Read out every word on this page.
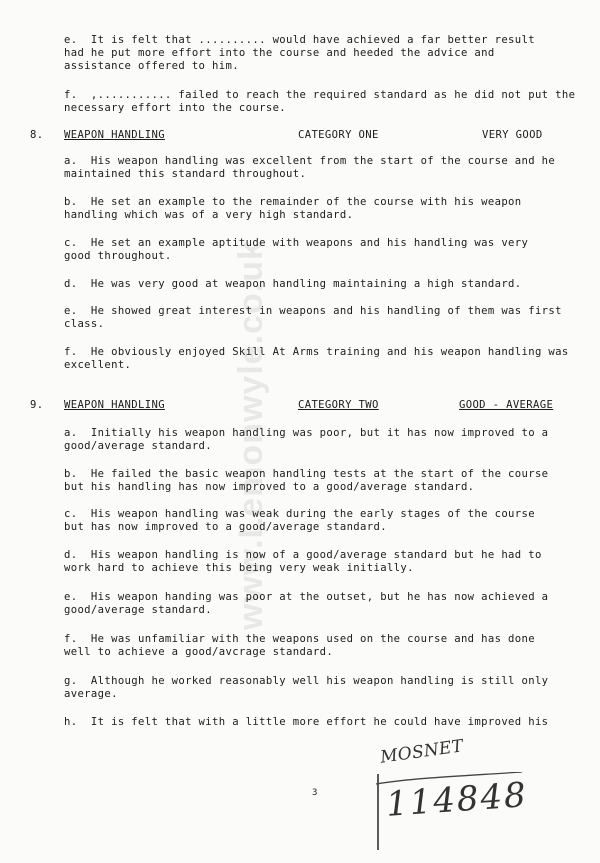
www.Lemonwyle.co.uk
e.  It is felt that .......... would have achieved a far better result
had he put more effort into the course and heeded the advice and
assistance offered to him.
f.  ,........... failed to reach the required standard as he did not put the
necessary effort into the course.
8. WEAPON HANDLING	CATEGORY ONE	VERY GOOD
a.  His weapon handling was excellent from the start of the course and he
maintained this standard throughout.
b.  He set an example to the remainder of the course with his weapon
handling which was of a very high standard.
c.  He set an example aptitude with weapons and his handling was very
good throughout.
d.  He was very good at weapon handling maintaining a high standard.
e.  He showed great interest in weapons and his handling of them was first
class.
f.  He obviously enjoyed Skill At Arms training and his weapon handling was
excellent.
9. WEAPON HANDLING	CATEGORY TWO	GOOD - AVERAGE
a.  Initially his weapon handling was poor, but it has now improved to a
good/average standard.
b.  He failed the basic weapon handling tests at the start of the course
but his handling has now improved to a good/average standard.
c.  His weapon handling was weak during the early stages of the course
but has now improved to a good/average standard.
d.  His weapon handling is now of a good/average standard but he had to
work hard to achieve this being very weak initially.
e.  His weapon handing was poor at the outset, but he has now achieved a
good/average standard.
f.  He was unfamiliar with the weapons used on the course and has done
well to achieve a good/avcrage standard.
g.  Although he worked reasonably well his weapon handling is still only
average.
h.  It is felt that with a little more effort he could have improved his
3
MOSNET
114848
